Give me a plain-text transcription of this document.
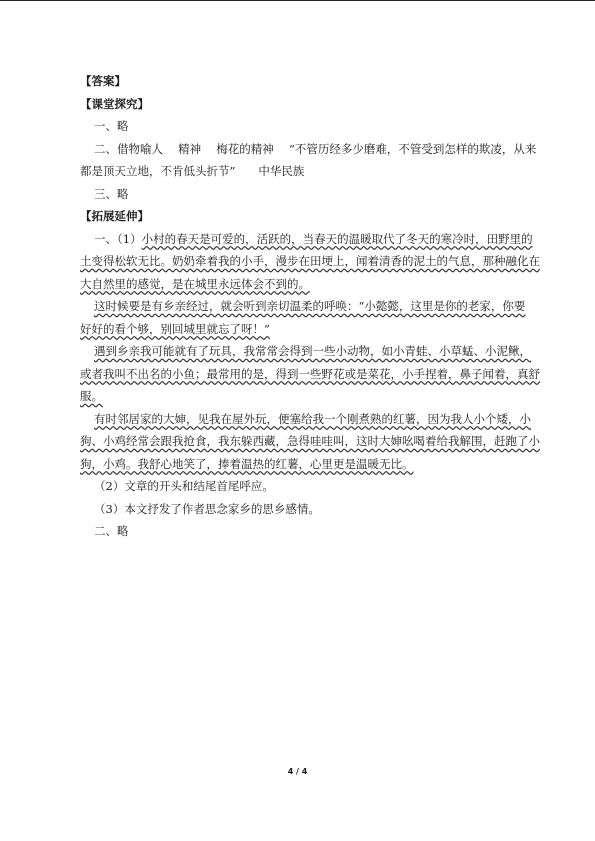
【答案】
【课堂探究】
一、略
二、借物喻人　 精神　 梅花的精神　 “不管历经多少磨难，不管受到怎样的欺凌，从来
都是顶天立地，不肯低头折节”　　中华民族
三、略
【拓展延伸】
一、（1）小村的春天是可爱的，活跃的，当春天的温暖取代了冬天的寒冷时，田野里的
土变得松软无比。奶奶牵着我的小手，漫步在田埂上，闻着清香的泥土的气息，那种融化在
大自然里的感觉，是在城里永远体会不到的。
这时候要是有乡亲经过，就会听到亲切温柔的呼唤：“小懿懿，这里是你的老家，你要
好好的看个够，别回城里就忘了呀！”
遇到乡亲我可能就有了玩具，我常常会得到一些小动物，如小青蛙、小草蜢、小泥鳅，
或者我叫不出名的小鱼；最常用的是，得到一些野花或是菜花，小手捏着，鼻子闻着，真舒
服。
有时邻居家的大婶，见我在屋外玩，便塞给我一个刚煮熟的红薯，因为我人小个矮，小
狗、小鸡经常会跟我抢食，我东躲西藏，急得哇哇叫，这时大婶吆喝着给我解围，赶跑了小
狗，小鸡。我舒心地笑了，捧着温热的红薯，心里更是温暖无比。
（2）文章的开头和结尾首尾呼应。
（3）本文抒发了作者思念家乡的思乡感情。
二、略
4 / 4
